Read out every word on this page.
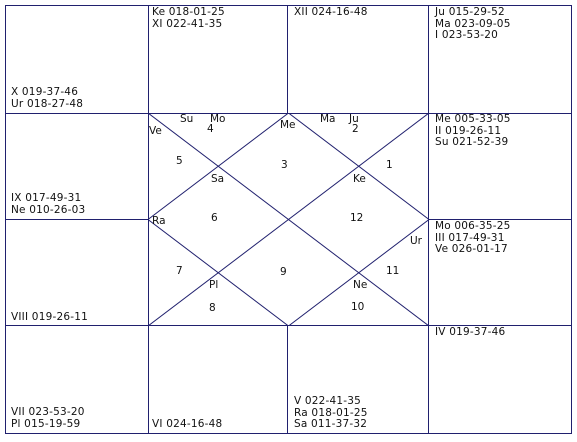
X 019-37-46
Ur 018-27-48
Ke 018-01-25
XI 022-41-35
XII 024-16-48	Ju 015-29-52
Ma 023-09-05
I 023-53-20
IX 017-49-31
Ne 010-26-03
Me 005-33-05
II 019-26-11
Su 021-52-39
VIII 019-26-11
Mo 006-35-25
III 017-49-31
Ve 026-01-17
VII 023-53-20
Pl 015-19-59	VI 024-16-48
V 022-41-35
Ra 018-01-25
Sa 011-37-32
IV 019-37-46
1
2
3
4
5
6
7
8
9
10
11
12
Su Mo
Ve	Me Ma Ju
Sa	Ke
Ra
Ur
Pl	Ne
